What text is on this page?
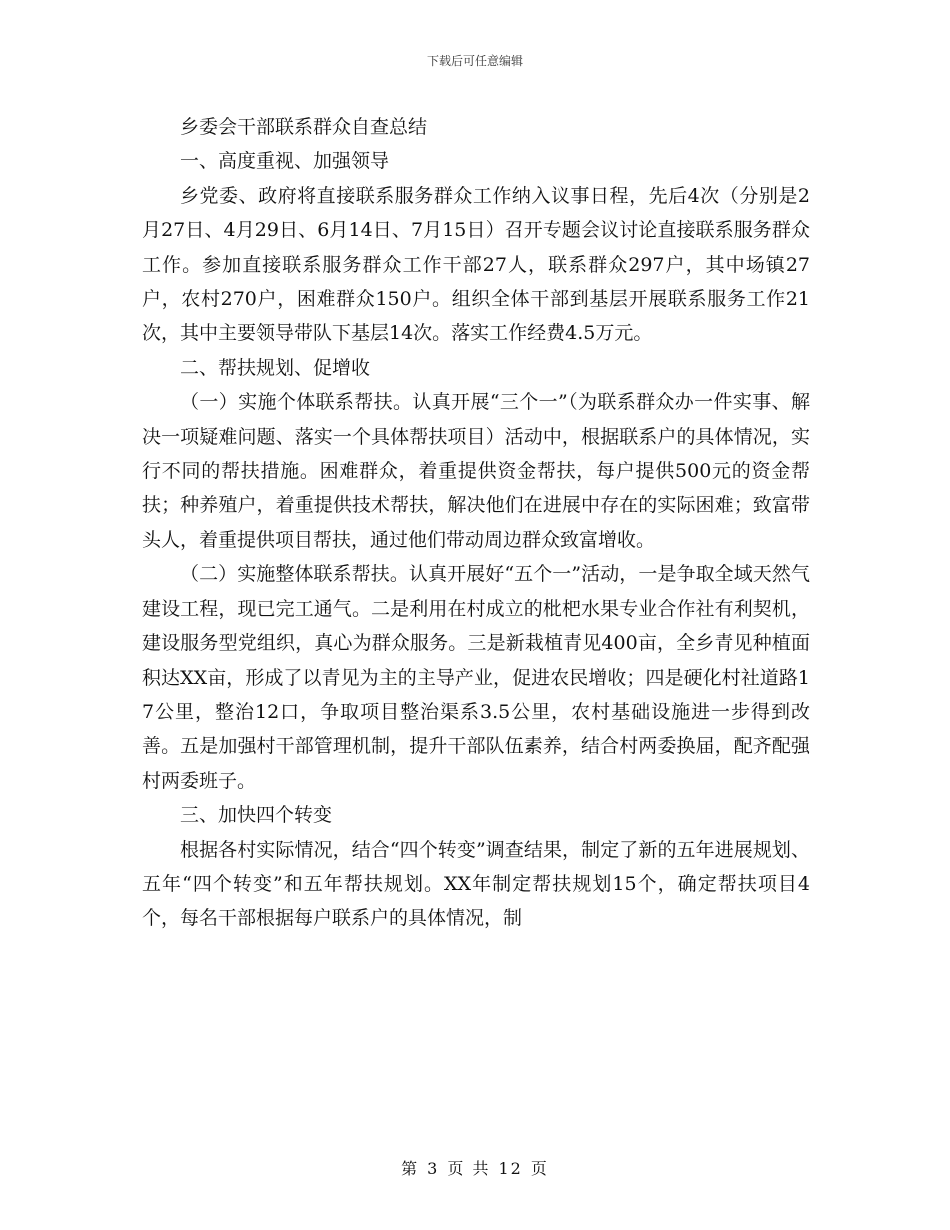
下载后可任意编辑

乡委会干部联系群众自查总结

一、高度重视、加强领导

乡党委、政府将直接联系服务群众工作纳入议事日程，先后4次（分别是2月27日、4月29日、6月14日、7月15日）召开专题会议讨论直接联系服务群众工作。参加直接联系服务群众工作干部27人，联系群众297户，其中场镇27户，农村270户，困难群众150户。组织全体干部到基层开展联系服务工作21次，其中主要领导带队下基层14次。落实工作经费4.5万元。

二、帮扶规划、促增收

（一）实施个体联系帮扶。认真开展“三个一”（为联系群众办一件实事、解决一项疑难问题、落实一个具体帮扶项目）活动中，根据联系户的具体情况，实行不同的帮扶措施。困难群众，着重提供资金帮扶，每户提供500元的资金帮扶；种养殖户，着重提供技术帮扶，解决他们在进展中存在的实际困难；致富带头人，着重提供项目帮扶，通过他们带动周边群众致富增收。

（二）实施整体联系帮扶。认真开展好“五个一”活动，一是争取全域天然气建设工程，现已完工通气。二是利用在村成立的枇杷水果专业合作社有利契机，建设服务型党组织，真心为群众服务。三是新栽植青见400亩，全乡青见种植面积达XX亩，形成了以青见为主的主导产业，促进农民增收；四是硬化村社道路17公里，整治12口，争取项目整治渠系3.5公里，农村基础设施进一步得到改善。五是加强村干部管理机制，提升干部队伍素养，结合村两委换届，配齐配强村两委班子。

三、加快四个转变

根据各村实际情况，结合“四个转变”调查结果，制定了新的五年进展规划、五年“四个转变”和五年帮扶规划。XX年制定帮扶规划15个，确定帮扶项目4个，每名干部根据每户联系户的具体情况，制

第 3 页 共 12 页
